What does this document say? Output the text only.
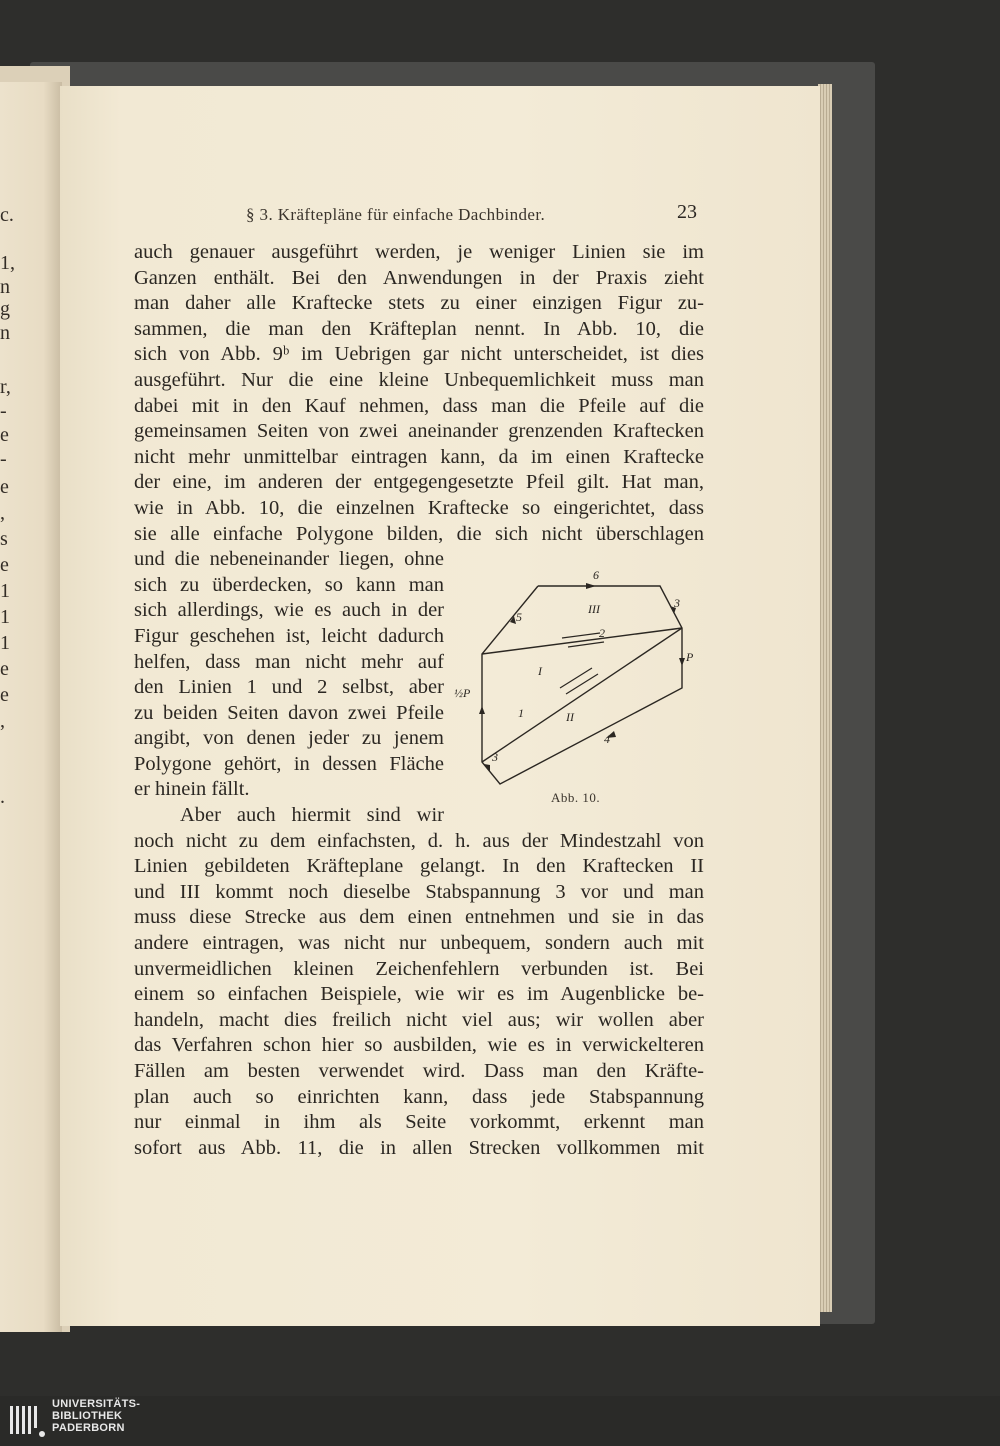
c.
1,
n
g
n
r,
-
e
-
e
,
s
e
1
1
1
e
e
,
.
§ 3. Kräftepläne für einfache Dachbinder.	23
auch genauer ausgeführt werden, je weniger Linien sie im
Ganzen enthält. Bei den Anwendungen in der Praxis zieht
man daher alle Kraftecke stets zu einer einzigen Figur zu-
sammen, die man den Kräfteplan nennt. In Abb. 10, die
sich von Abb. 9ᵇ im Uebrigen gar nicht unterscheidet, ist dies
ausgeführt. Nur die eine kleine Unbequemlichkeit muss man
dabei mit in den Kauf nehmen, dass man die Pfeile auf die
gemeinsamen Seiten von zwei aneinander grenzenden Kraftecken
nicht mehr unmittelbar eintragen kann, da im einen Kraftecke
der eine, im anderen der entgegengesetzte Pfeil gilt. Hat man,
wie in Abb. 10, die einzelnen Kraftecke so eingerichtet, dass
sie alle einfache Polygone bilden, die sich nicht überschlagen
und die nebeneinander liegen, ohne
sich zu überdecken, so kann man
sich allerdings, wie es auch in der
Figur geschehen ist, leicht dadurch
helfen, dass man nicht mehr auf
den Linien 1 und 2 selbst, aber
zu beiden Seiten davon zwei Pfeile
angibt, von denen jeder zu jenem
Polygone gehört, in dessen Fläche
er hinein fällt.
Aber auch hiermit sind wir
noch nicht zu dem einfachsten, d. h. aus der Mindestzahl von
Linien gebildeten Kräfteplane gelangt. In den Kraftecken II
und III kommt noch dieselbe Stabspannung 3 vor und man
muss diese Strecke aus dem einen entnehmen und sie in das
andere eintragen, was nicht nur unbequem, sondern auch mit
unvermeidlichen kleinen Zeichenfehlern verbunden ist. Bei
einem so einfachen Beispiele, wie wir es im Augenblicke be-
handeln, macht dies freilich nicht viel aus; wir wollen aber
das Verfahren schon hier so ausbilden, wie es in verwickelteren
Fällen am besten verwendet wird. Dass man den Kräfte-
plan auch so einrichten kann, dass jede Stabspannung
nur einmal in ihm als Seite vorkommt, erkennt man
sofort aus Abb. 11, die in allen Strecken vollkommen mit
6
3
5
III
2
P
I
½P
II
1
4
3
Abb. 10.
UNIVERSITÄTS-
BIBLIOTHEK
PADERBORN
